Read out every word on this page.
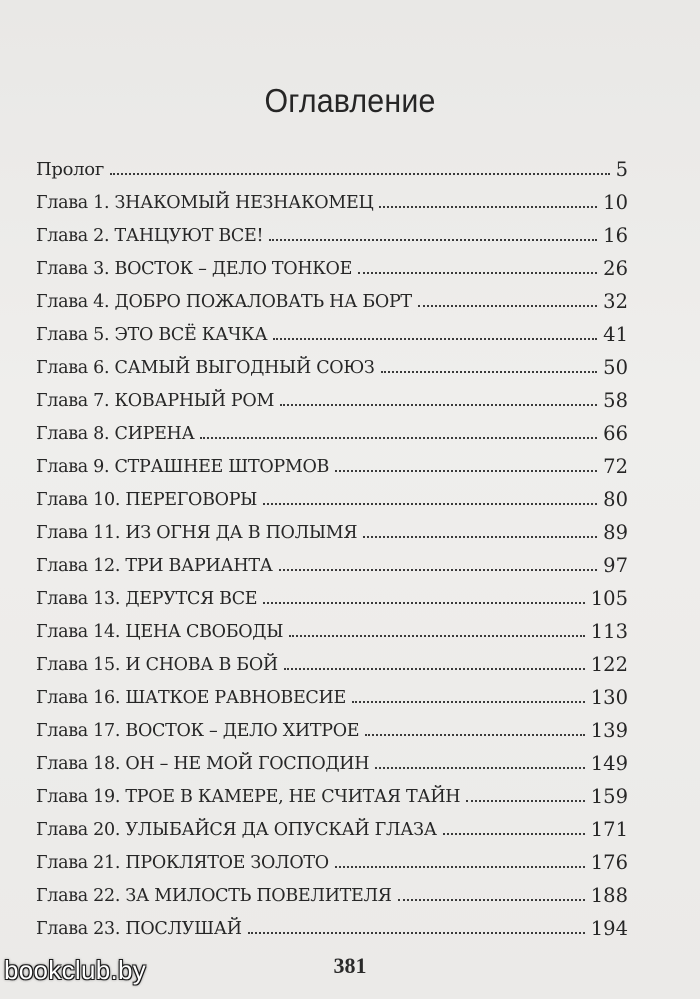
Оглавление
Пролог	5
Глава 1. ЗНАКОМЫЙ НЕЗНАКОМЕЦ	10
Глава 2. ТАНЦУЮТ ВСЕ!	16
Глава 3. ВОСТОК – ДЕЛО ТОНКОЕ	26
Глава 4. ДОБРО ПОЖАЛОВАТЬ НА БОРТ	32
Глава 5. ЭТО ВСЁ КАЧКА	41
Глава 6. САМЫЙ ВЫГОДНЫЙ СОЮЗ	50
Глава 7. КОВАРНЫЙ РОМ	58
Глава 8. СИРЕНА	66
Глава 9. СТРАШНЕЕ ШТОРМОВ	72
Глава 10. ПЕРЕГОВОРЫ	80
Глава 11. ИЗ ОГНЯ ДА В ПОЛЫМЯ	89
Глава 12. ТРИ ВАРИАНТА	97
Глава 13. ДЕРУТСЯ ВСЕ	105
Глава 14. ЦЕНА СВОБОДЫ	113
Глава 15. И СНОВА В БОЙ	122
Глава 16. ШАТКОЕ РАВНОВЕСИЕ	130
Глава 17. ВОСТОК – ДЕЛО ХИТРОЕ	139
Глава 18. ОН – НЕ МОЙ ГОСПОДИН	149
Глава 19. ТРОЕ В КАМЕРЕ, НЕ СЧИТАЯ ТАЙН	159
Глава 20. УЛЫБАЙСЯ ДА ОПУСКАЙ ГЛАЗА	171
Глава 21. ПРОКЛЯТОЕ ЗОЛОТО	176
Глава 22. ЗА МИЛОСТЬ ПОВЕЛИТЕЛЯ	188
Глава 23. ПОСЛУШАЙ	194
381
bookclub.by
